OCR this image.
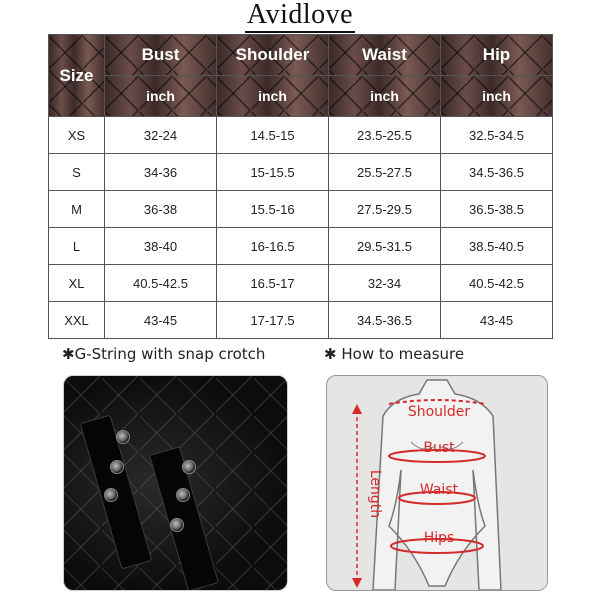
Avidlove
Size	Bust	Shoulder	Waist	Hip
	inch	inch	inch	inch
XS	32-24	14.5-15	23.5-25.5	32.5-34.5
S	34-36	15-15.5	25.5-27.5	34.5-36.5
M	36-38	15.5-16	27.5-29.5	36.5-38.5
L	38-40	16-16.5	29.5-31.5	38.5-40.5
XL	40.5-42.5	16.5-17	32-34	40.5-42.5
XXL	43-45	17-17.5	34.5-36.5	43-45
✱G-String with snap crotch	✱ How to measure
Shoulder
Bust
Waist
Hips
Length
